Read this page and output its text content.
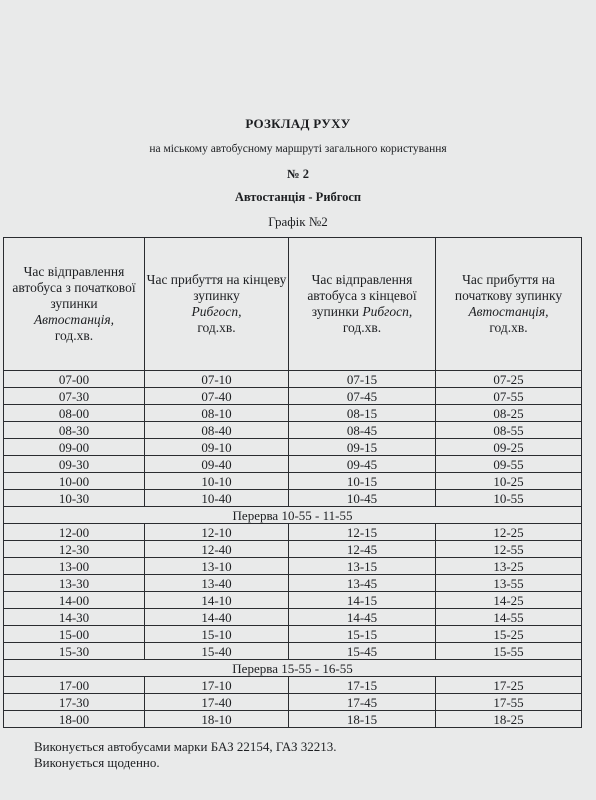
РОЗКЛАД РУХУ
на міському автобусному маршруті загального користування
№ 2
Автостанція - Рибгосп
Графік №2
Час відправлення автобуса з початкової зупинки
Автостанція,
год.хв.	Час прибуття на кінцеву зупинку
Рибгосп,
год.хв.	Час відправлення автобуса з кінцевої зупинки Рибгосп,
год.хв.	Час прибуття на початкову зупинку
Автостанція,
год.хв.
07-00	07-10	07-15	07-25
07-30	07-40	07-45	07-55
08-00	08-10	08-15	08-25
08-30	08-40	08-45	08-55
09-00	09-10	09-15	09-25
09-30	09-40	09-45	09-55
10-00	10-10	10-15	10-25
10-30	10-40	10-45	10-55
Перерва 10-55 - 11-55			
12-00	12-10	12-15	12-25
12-30	12-40	12-45	12-55
13-00	13-10	13-15	13-25
13-30	13-40	13-45	13-55
14-00	14-10	14-15	14-25
14-30	14-40	14-45	14-55
15-00	15-10	15-15	15-25
15-30	15-40	15-45	15-55
Перерва 15-55 - 16-55			
17-00	17-10	17-15	17-25
17-30	17-40	17-45	17-55
18-00	18-10	18-15	18-25
Виконується автобусами марки БАЗ 22154, ГАЗ 32213.
Виконується щоденно.
